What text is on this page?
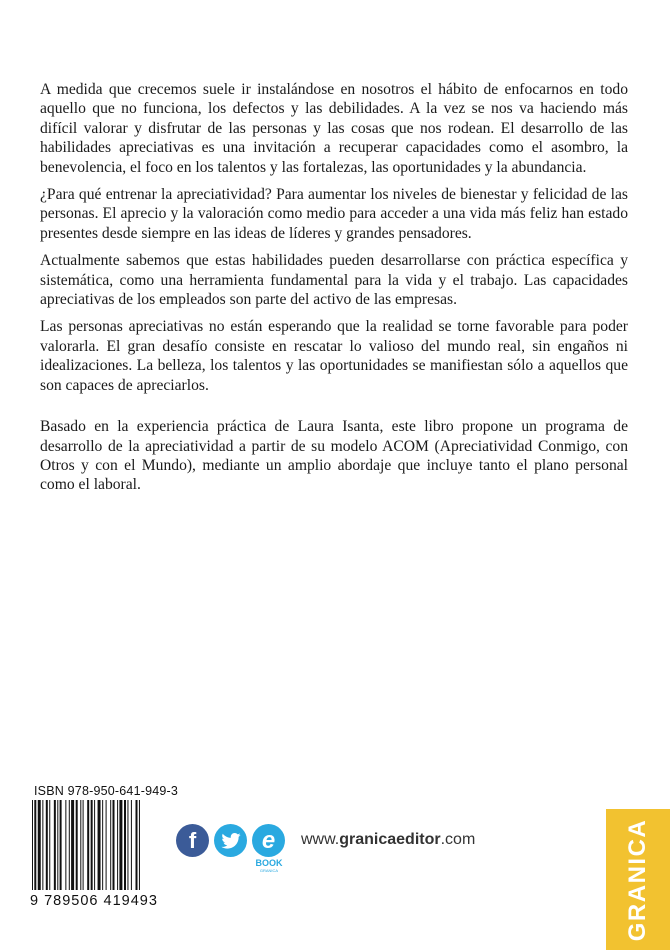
A medida que crecemos suele ir instalándose en nosotros el hábito de enfocarnos en todo aquello que no funciona, los defectos y las debilidades. A la vez se nos va haciendo más difícil valorar y disfrutar de las personas y las cosas que nos rodean. El desarrollo de las habilidades apreciativas es una invitación a recuperar capacidades como el asombro, la benevolencia, el foco en los talentos y las fortalezas, las oportunidades y la abundancia.

¿Para qué entrenar la apreciatividad? Para aumentar los niveles de bienestar y felicidad de las personas. El aprecio y la valoración como medio para acceder a una vida más feliz han estado presentes desde siempre en las ideas de líderes y grandes pensadores.

Actualmente sabemos que estas habilidades pueden desarrollarse con práctica específica y sistemática, como una herramienta fundamental para la vida y el trabajo. Las capacidades apreciativas de los empleados son parte del activo de las empresas.

Las personas apreciativas no están esperando que la realidad se torne favorable para poder valorarla. El gran desafío consiste en rescatar lo valioso del mundo real, sin engaños ni idealizaciones. La belleza, los talentos y las oportunidades se manifiestan sólo a aquellos que son capaces de apreciarlos.

Basado en la experiencia práctica de Laura Isanta, este libro propone un programa de desarrollo de la apreciatividad a partir de su modelo ACOM (Apreciatividad Conmigo, con Otros y con el Mundo), mediante un amplio abordaje que incluye tanto el plano personal como el laboral.

ISBN 978-950-641-949-3
9 789506 419493
f	e
BOOK
GRANICA
www.granicaeditor.com	GRANICA
